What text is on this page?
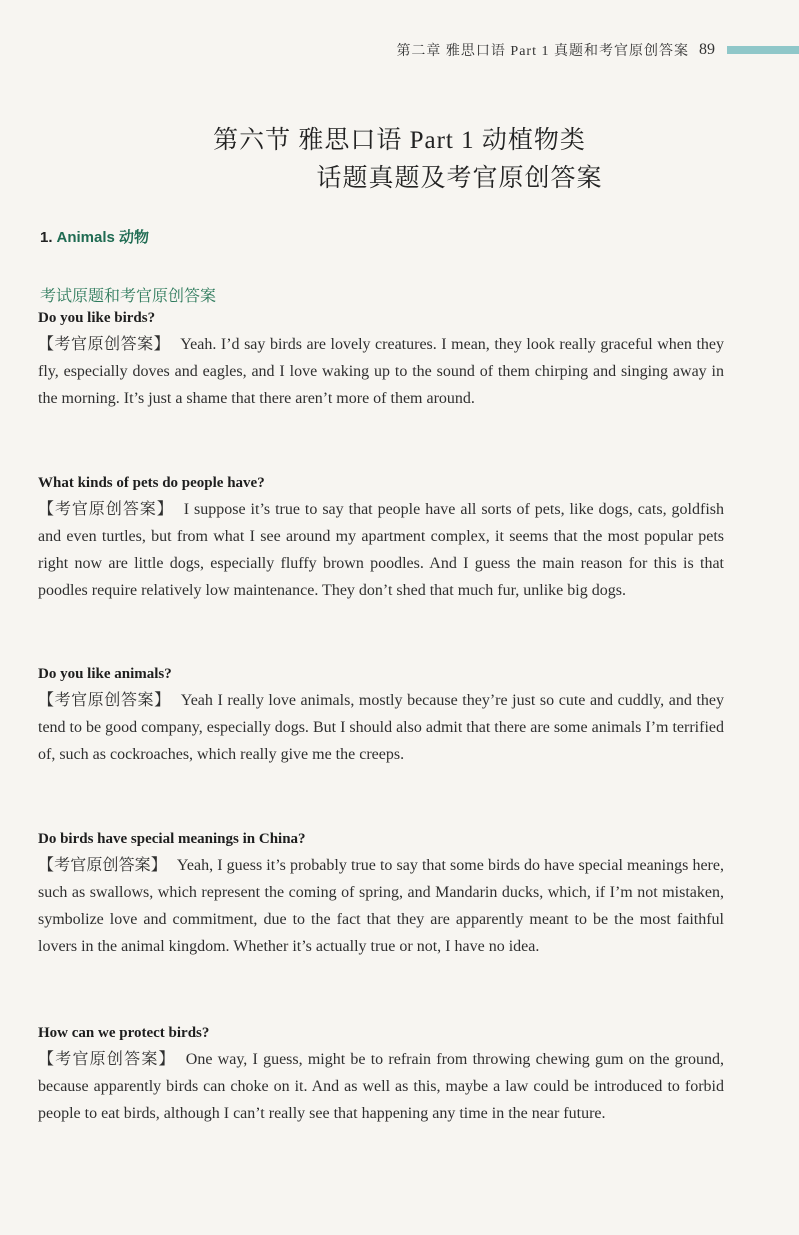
第二章 雅思口语 Part 1 真题和考官原创答案 89
第六节 雅思口语 Part 1 动植物类
话题真题及考官原创答案
1. Animals 动物
考试原题和考官原创答案

Do you like birds?

【考官原创答案】 Yeah. I’d say birds are lovely creatures. I mean, they look really graceful when they fly, especially doves and eagles, and I love waking up to the sound of them chirping and singing away in the morning. It’s just a shame that there aren’t more of them around.

What kinds of pets do people have?

【考官原创答案】 I suppose it’s true to say that people have all sorts of pets, like dogs, cats, goldfish and even turtles, but from what I see around my apartment complex, it seems that the most popular pets right now are little dogs, especially fluffy brown poodles. And I guess the main reason for this is that poodles require relatively low maintenance. They don’t shed that much fur, unlike big dogs.

Do you like animals?

【考官原创答案】 Yeah I really love animals, mostly because they’re just so cute and cuddly, and they tend to be good company, especially dogs. But I should also admit that there are some animals I’m terrified of, such as cockroaches, which really give me the creeps.

Do birds have special meanings in China?

【考官原创答案】 Yeah, I guess it’s probably true to say that some birds do have special meanings here, such as swallows, which represent the coming of spring, and Mandarin ducks, which, if I’m not mistaken, symbolize love and commitment, due to the fact that they are apparently meant to be the most faithful lovers in the animal kingdom. Whether it’s actually true or not, I have no idea.

How can we protect birds?

【考官原创答案】 One way, I guess, might be to refrain from throwing chewing gum on the ground, because apparently birds can choke on it. And as well as this, maybe a law could be introduced to forbid people to eat birds, although I can’t really see that happening any time in the near future.
